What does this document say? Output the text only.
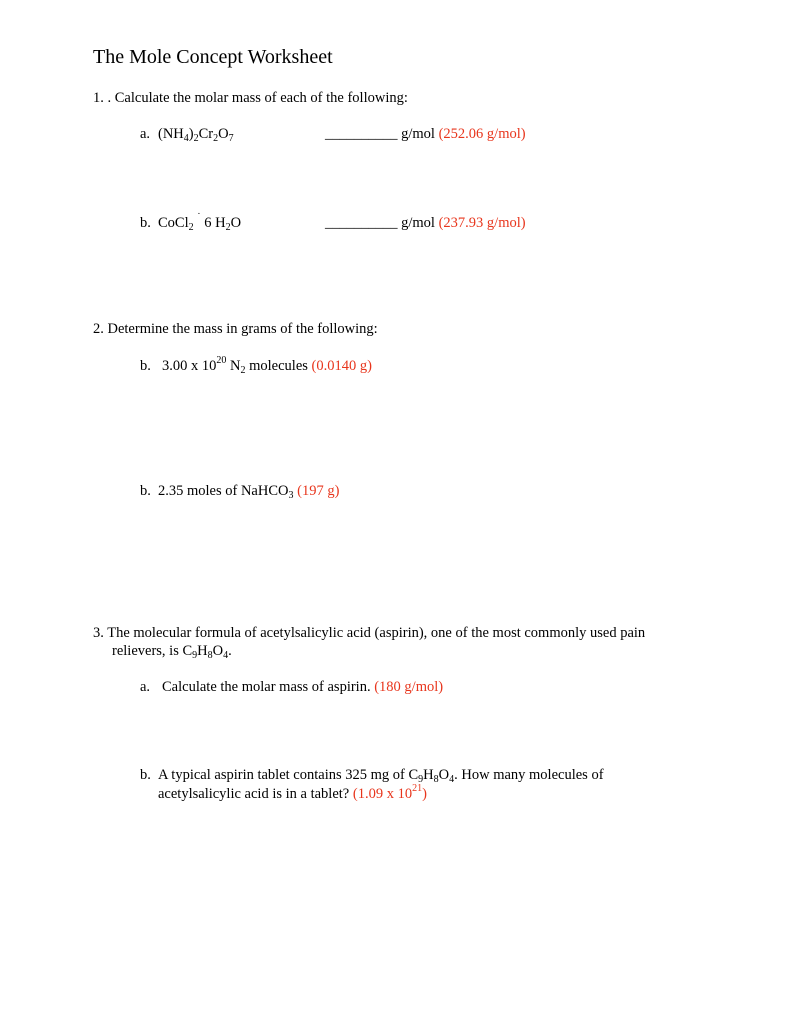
The Mole Concept Worksheet
1. . Calculate the molar mass of each of the following:
a. $(NH_4)_2Cr_2O_7$	__________ g/mol (252.06 g/mol)
b. CoCl$_2$ ˙ 6 $H_2O$	__________ g/mol (237.93 g/mol)
2. Determine the mass in grams of the following:
b. 3.00 x $10^{20}$ $N_2$ molecules (0.0140 g)
b. 2.35 moles of NaHCO$_3$ (197 g)
3. The molecular formula of acetylsalicylic acid (aspirin), one of the most commonly used pain
relievers, is $C_9H_8O_4$.
a. Calculate the molar mass of aspirin. (180 g/mol)
b. A typical aspirin tablet contains 325 mg of $C_9H_8O_4$. How many molecules of
acetylsalicylic acid is in a tablet? (1.09 x $10^{21}$)
